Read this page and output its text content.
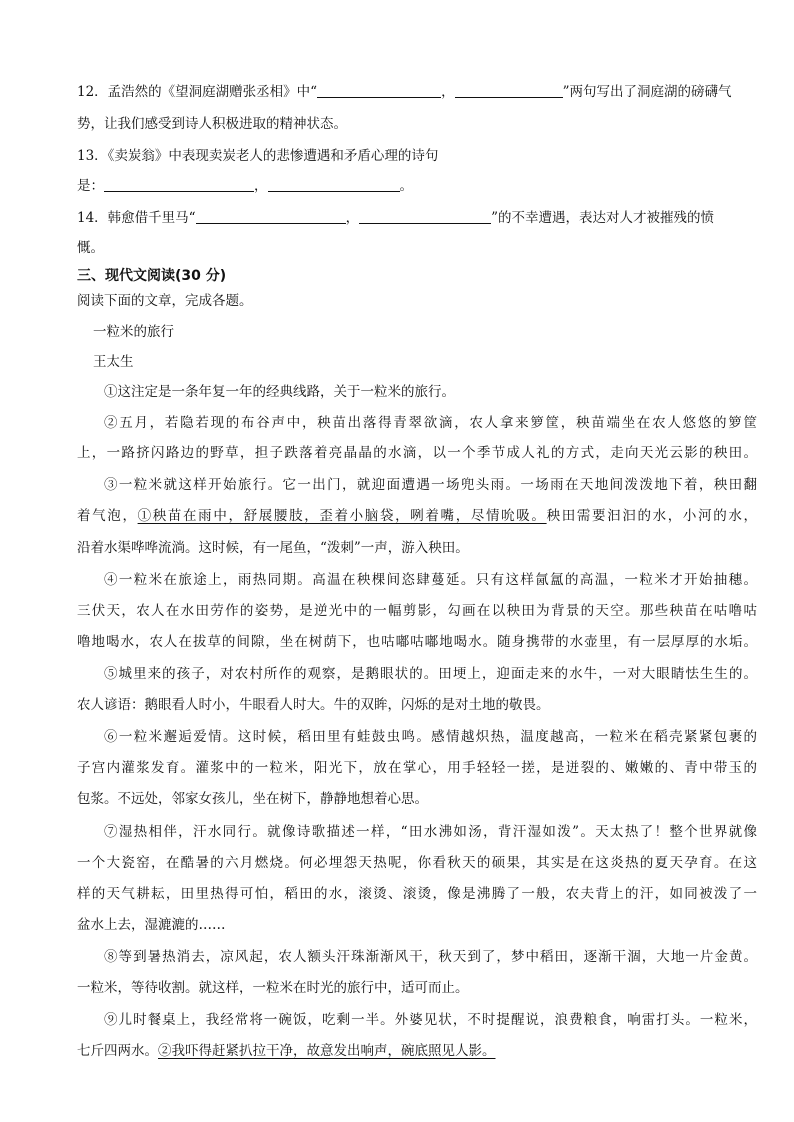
12．孟浩然的《望洞庭湖赠张丞相》中“	，	”两句写出了洞庭湖的磅礴气
势，让我们感受到诗人积极进取的精神状态。
13．《卖炭翁》中表现卖炭老人的悲惨遭遇和矛盾心理的诗句
是：	，	。
14．韩愈借千里马“	，	”的不幸遭遇，表达对人才被摧残的愤
慨。
三、现代文阅读(30 分)
阅读下面的文章，完成各题。
一粒米的旅行
王太生
①这注定是一条年复一年的经典线路，关于一粒米的旅行。
②五月，若隐若现的布谷声中，秧苗出落得青翠欲滴，农人拿来箩筐，秧苗端坐在农人悠悠的箩筐
上，一路挤闪路边的野草，担子跌落着亮晶晶的水滴，以一个季节成人礼的方式，走向天光云影的秧田。
③一粒米就这样开始旅行。它一出门，就迎面遭遇一场兜头雨。一场雨在天地间泼泼地下着，秧田翻
着气泡，①秧苗在雨中，舒展腰肢，歪着小脑袋，咧着嘴，尽情吮吸。秧田需要汩汩的水，小河的水，
沿着水渠哗哗流淌。这时候，有一尾鱼，“泼刺”一声，游入秧田。
④一粒米在旅途上，雨热同期。高温在秧棵间恣肆蔓延。只有这样氤氲的高温，一粒米才开始抽穗。
三伏天，农人在水田劳作的姿势，是逆光中的一幅剪影，勾画在以秧田为背景的天空。那些秧苗在咕噜咕
噜地喝水，农人在拔草的间隙，坐在树荫下，也咕嘟咕嘟地喝水。随身携带的水壶里，有一层厚厚的水垢。
⑤城里来的孩子，对农村所作的观察，是鹅眼状的。田埂上，迎面走来的水牛，一对大眼睛怯生生的。
农人谚语：鹅眼看人时小，牛眼看人时大。牛的双眸，闪烁的是对土地的敬畏。
⑥一粒米邂逅爱情。这时候，稻田里有蛙鼓虫鸣。感情越炽热，温度越高，一粒米在稻壳紧紧包裹的
子宫内灌浆发育。灌浆中的一粒米，阳光下，放在掌心，用手轻轻一搓，是迸裂的、嫩嫩的、青中带玉的
包浆。不远处，邻家女孩儿，坐在树下，静静地想着心思。
⑦湿热相伴，汗水同行。就像诗歌描述一样，“田水沸如汤，背汗湿如泼”。天太热了！整个世界就像
一个大瓷窑，在酷暑的六月燃烧。何必埋怨天热呢，你看秋天的硕果，其实是在这炎热的夏天孕育。在这
样的天气耕耘，田里热得可怕，稻田的水，滚烫、滚烫，像是沸腾了一般，农夫背上的汗，如同被泼了一
盆水上去，湿漉漉的……
⑧等到暑热消去，凉风起，农人额头汗珠渐渐风干，秋天到了，梦中稻田，逐渐干涸，大地一片金黄。
一粒米，等待收割。就这样，一粒米在时光的旅行中，适可而止。
⑨儿时餐桌上，我经常将一碗饭，吃剩一半。外婆见状，不时提醒说，浪费粮食，响雷打头。一粒米，
七斤四两水。②我吓得赶紧扒拉干净，故意发出响声，碗底照见人影。
